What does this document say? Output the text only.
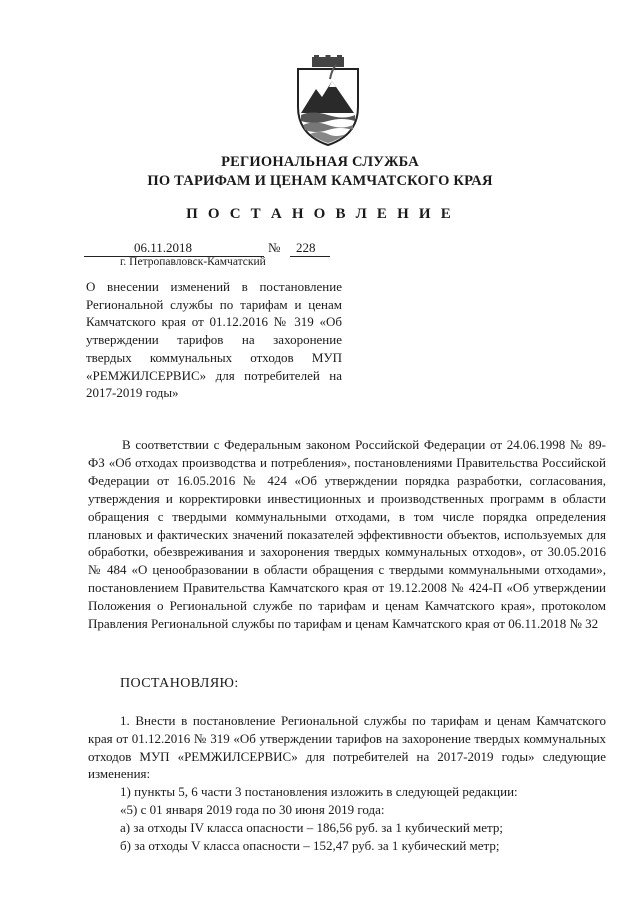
РЕГИОНАЛЬНАЯ СЛУЖБА
ПО ТАРИФАМ И ЦЕНАМ КАМЧАТСКОГО КРАЯ
П О С Т А Н О В Л Е Н И Е
06.11.2018	№ 228
г. Петропавловск-Камчатский
О внесении изменений в постановление Региональной службы по тарифам и ценам Камчатского края от 01.12.2016 № 319 «Об утверждении тарифов на захоронение твердых коммунальных отходов МУП «РЕМЖИЛСЕРВИС» для потребителей на 2017-2019 годы»
В соответствии с Федеральным законом Российской Федерации от 24.06.1998 № 89-ФЗ «Об отходах производства и потребления», постановлениями Правительства Российской Федерации от 16.05.2016 № 424 «Об утверждении порядка разработки, согласования, утверждения и корректировки инвестиционных и производственных программ в области обращения с твердыми коммунальными отходами, в том числе порядка определения плановых и фактических значений показателей эффективности объектов, используемых для обработки, обезвреживания и захоронения твердых коммунальных отходов», от 30.05.2016 № 484 «О ценообразовании в области обращения с твердыми коммунальными отходами», постановлением Правительства Камчатского края от 19.12.2008 № 424-П «Об утверждении Положения о Региональной службе по тарифам и ценам Камчатского края», протоколом Правления Региональной службы по тарифам и ценам Камчатского края от 06.11.2018 № 32
ПОСТАНОВЛЯЮ:

1. Внести в постановление Региональной службы по тарифам и ценам Камчатского края от 01.12.2016 № 319 «Об утверждении тарифов на захоронение твердых коммунальных отходов МУП «РЕМЖИЛСЕРВИС» для потребителей на 2017-2019 годы» следующие изменения:

1) пункты 5, 6 части 3 постановления изложить в следующей редакции:

«5) с 01 января 2019 года по 30 июня 2019 года:

а) за отходы IV класса опасности – 186,56 руб. за 1 кубический метр;

б) за отходы V класса опасности – 152,47 руб. за 1 кубический метр;
